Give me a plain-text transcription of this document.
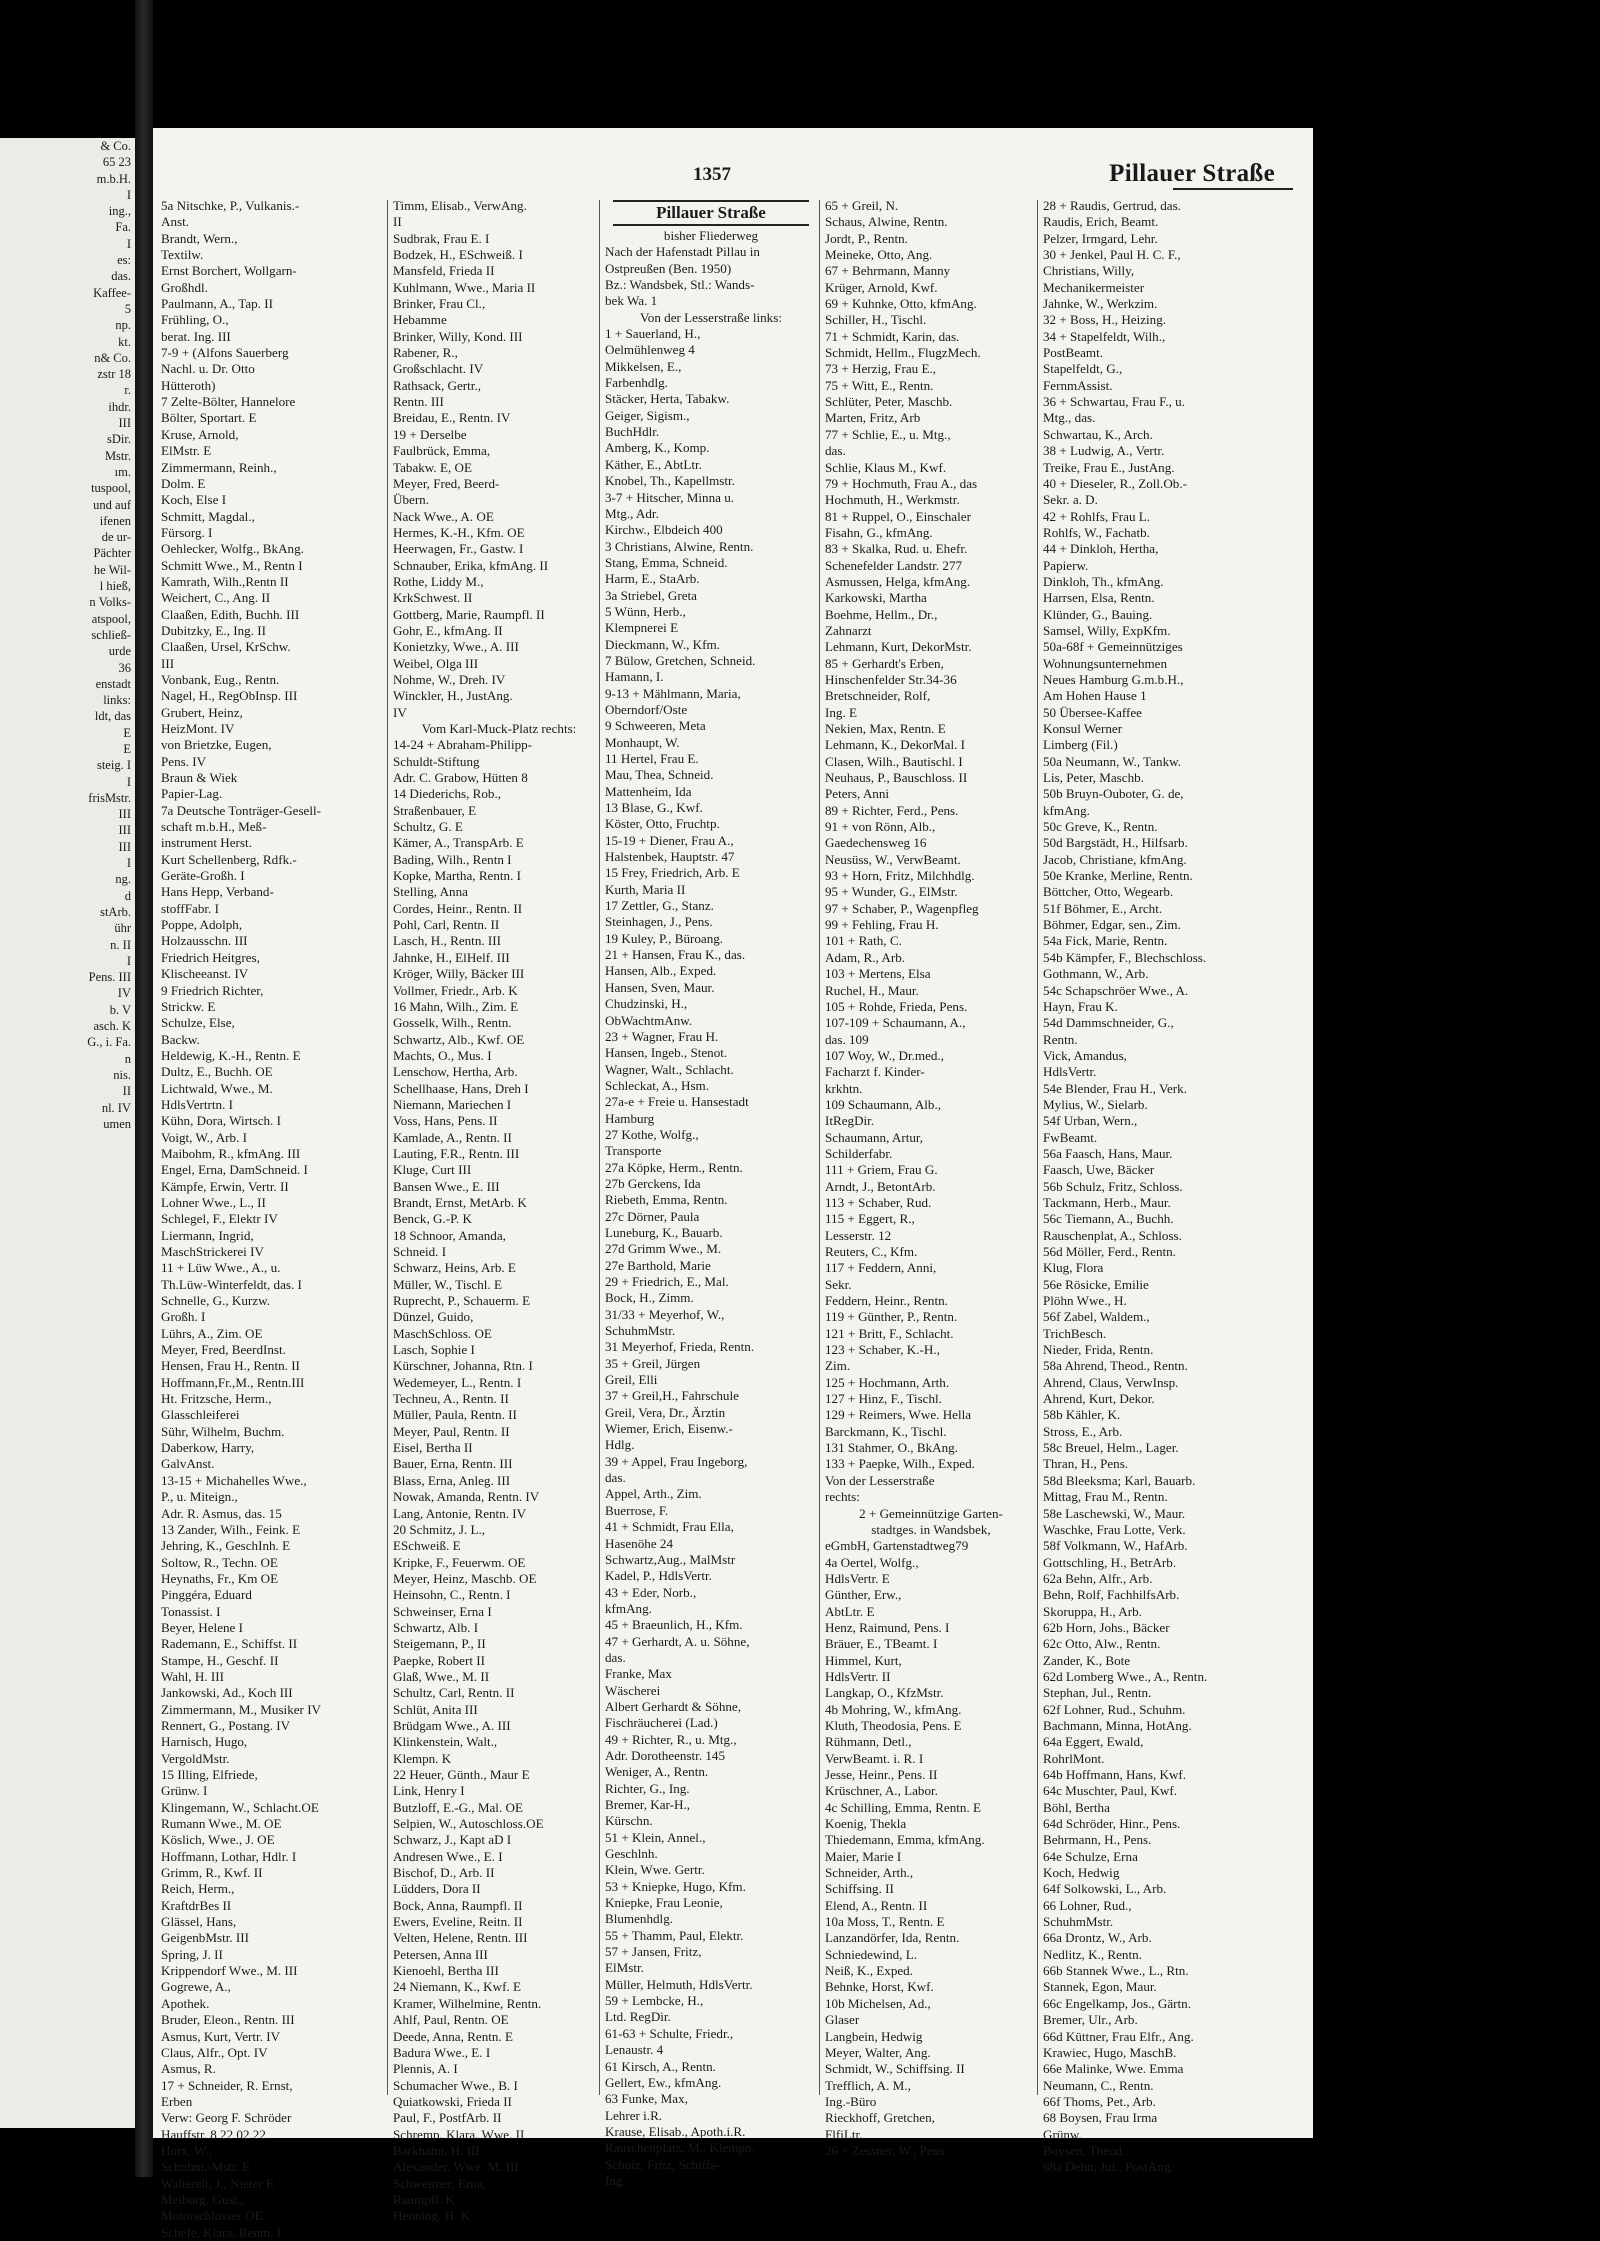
& Co.
65 23
m.b.H.
I
ing.,
Fa.
I
es:
das.
Kaffee-
5
np.
kt.
n& Co.
zstr 18
r.
ihdr.
III
sDir.
Mstr.
ım.
tuspool,
und auf
ifenen
de ur-
Pächter
he Wil-
l hieß,
n Volks-
atspool,
schließ-
urde
36
enstadt
links:
ldt, das
E
E
steig. I
I
frisMstr.
III
III
III
I
ng.
d
stArb.
ühr
n. II
I
Pens. III
IV
b. V
asch. K
G., i. Fa.
n
nis.
II
nl. IV
umen
1357	Pillauer Straße
5a Nitschke, P., Vulkanis.-
Anst.
Brandt, Wern.,
Textilw.
Ernst Borchert, Wollgarn-
Großhdl.
Paulmann, A., Tap. II
Frühling, O.,
berat. Ing. III
7-9 + (Alfons Sauerberg
Nachl. u. Dr. Otto
Hütteroth)
7 Zelte-Bölter, Hannelore
Bölter, Sportart. E
Kruse, Arnold,
ElMstr. E
Zimmermann, Reinh.,
Dolm. E
Koch, Else I
Schmitt, Magdal.,
Fürsorg. I
Oehlecker, Wolfg., BkAng.
Schmitt Wwe., M., Rentn I
Kamrath, Wilh.,Rentn II
Weichert, C., Ang. II
Claaßen, Edith, Buchh. III
Dubitzky, E., Ing. II
Claaßen, Ursel, KrSchw.
III
Vonbank, Eug., Rentn.
Nagel, H., RegObInsp. III
Grubert, Heinz,
HeizMont. IV
von Brietzke, Eugen,
Pens. IV
Braun & Wiek
Papier-Lag.
7a Deutsche Tonträger-Gesell-
schaft m.b.H., Meß-
instrument Herst.
Kurt Schellenberg, Rdfk.-
Geräte-Großh. I
Hans Hepp, Verband-
stoffFabr. I
Poppe, Adolph,
Holzausschn. III
Friedrich Heitgres,
Klischeeanst. IV
9 Friedrich Richter,
Strickw. E
Schulze, Else,
Backw.
Heldewig, K.-H., Rentn. E
Dultz, E., Buchh. OE
Lichtwald, Wwe., M.
HdlsVertrtn. I
Kühn, Dora, Wirtsch. I
Voigt, W., Arb. I
Maibohm, R., kfmAng. III
Engel, Erna, DamSchneid. I
Kämpfe, Erwin, Vertr. II
Lohner Wwe., L., II
Schlegel, F., Elektr IV
Liermann, Ingrid,
MaschStrickerei IV
11 + Lüw Wwe., A., u.
Th.Lüw-Winterfeldt, das. I
Schnelle, G., Kurzw.
Großh. I
Lührs, A., Zim. OE
Meyer, Fred, BeerdInst.
Hensen, Frau H., Rentn. II
Hoffmann,Fr.,M., Rentn.III
Ht. Fritzsche, Herm.,
Glasschleiferei
Sühr, Wilhelm, Buchm.
Daberkow, Harry,
GalvAnst.
13-15 + Michahelles Wwe.,
P., u. Miteign.,
Adr. R. Asmus, das. 15
13 Zander, Wilh., Feink. E
Jehring, K., GeschInh. E
Soltow, R., Techn. OE
Heynaths, Fr., Km OE
Pinggéra, Eduard
Tonassist. I
Beyer, Helene I
Rademann, E., Schiffst. II
Stampe, H., Geschf. II
Wahl, H. III
Jankowski, Ad., Koch III
Zimmermann, M., Musiker IV
Rennert, G., Postang. IV
Harnisch, Hugo,
VergoldMstr.
15 Illing, Elfriede,
Grünw. I
Klingemann, W., Schlacht.OE
Rumann Wwe., M. OE
Köslich, Wwe., J. OE
Hoffmann, Lothar, Hdlr. I
Grimm, R., Kwf. II
Reich, Herm.,
KraftdrBes II
Glässel, Hans,
GeigenbMstr. III
Spring, J. II
Krippendorf Wwe., M. III
Gogrewe, A.,
Apothek.
Bruder, Eleon., Rentn. III
Asmus, Kurt, Vertr. IV
Claus, Alfr., Opt. IV
Asmus, R.
17 + Schneider, R. Ernst,
Erben
Verw: Georg F. Schröder
Hauffstr. 8 22 02 22
Horx, W.,
Schuhm.-Mstr. E
Walterelt, J., Nieter E
Meiburg, Gust.,
Motorschlosser OE
Schefe, Klara, Rentn. I
Timm, Elisab., VerwAng.
II
Sudbrak, Frau E. I
Bodzek, H., ESchweiß. I
Mansfeld, Frieda II
Kuhlmann, Wwe., Maria II
Brinker, Frau Cl.,
Hebamme
Brinker, Willy, Kond. III
Rabener, R.,
Großschlacht. IV
Rathsack, Gertr.,
Rentn. III
Breidau, E., Rentn. IV
19 + Derselbe
Faulbrück, Emma,
Tabakw. E, OE
Meyer, Fred, Beerd-
Übern.
Nack Wwe., A. OE
Hermes, K.-H., Kfm. OE
Heerwagen, Fr., Gastw. I
Schnauber, Erika, kfmAng. II
Rothe, Liddy M.,
KrkSchwest. II
Gottberg, Marie, Raumpfl. II
Gohr, E., kfmAng. II
Konietzky, Wwe., A. III
Weibel, Olga III
Nohme, W., Dreh. IV
Winckler, H., JustAng.
IV
Vom Karl-Muck-Platz rechts:
14-24 + Abraham-Philipp-
Schuldt-Stiftung
Adr. C. Grabow, Hütten 8
14 Diederichs, Rob.,
Straßenbauer, E
Schultz, G. E
Kämer, A., TranspArb. E
Bading, Wilh., Rentn I
Kopke, Martha, Rentn. I
Stelling, Anna
Cordes, Heinr., Rentn. II
Pohl, Carl, Rentn. II
Lasch, H., Rentn. III
Jahnke, H., ElHelf. III
Kröger, Willy, Bäcker III
Vollmer, Friedr., Arb. K
16 Mahn, Wilh., Zim. E
Gosselk, Wilh., Rentn.
Schwartz, Alb., Kwf. OE
Machts, O., Mus. I
Lenschow, Hertha, Arb.
Schellhaase, Hans, Dreh I
Niemann, Mariechen I
Voss, Hans, Pens. II
Kamlade, A., Rentn. II
Lauting, F.R., Rentn. III
Kluge, Curt III
Bansen Wwe., E. III
Brandt, Ernst, MetArb. K
Benck, G.-P. K
18 Schnoor, Amanda,
Schneid. I
Schwarz, Heins, Arb. E
Müller, W., Tischl. E
Ruprecht, P., Schauerm. E
Dünzel, Guido,
MaschSchloss. OE
Lasch, Sophie I
Kürschner, Johanna, Rtn. I
Wedemeyer, L., Rentn. I
Techneu, A., Rentn. II
Müller, Paula, Rentn. II
Meyer, Paul, Rentn. II
Eisel, Bertha II
Bauer, Erna, Rentn. III
Blass, Erna, Anleg. III
Nowak, Amanda, Rentn. IV
Lang, Antonie, Rentn. IV
20 Schmitz, J. L.,
ESchweiß. E
Kripke, F., Feuerwm. OE
Meyer, Heinz, Maschb. OE
Heinsohn, C., Rentn. I
Schweinser, Erna I
Schwartz, Alb. I
Steigemann, P., II
Paepke, Robert II
Glaß, Wwe., M. II
Schultz, Carl, Rentn. II
Schlüt, Anita III
Brüdgam Wwe., A. III
Klinkenstein, Walt.,
Klempn. K
22 Heuer, Günth., Maur E
Link, Henry I
Butzloff, E.-G., Mal. OE
Selpien, W., Autoschloss.OE
Schwarz, J., Kapt aD I
Andresen Wwe., E. I
Bischof, D., Arb. II
Lüdders, Dora II
Bock, Anna, Raumpfl. II
Ewers, Eveline, Reitn. II
Velten, Helene, Rentn. III
Petersen, Anna III
Kienoehl, Bertha III
24 Niemann, K., Kwf. E
Kramer, Wilhelmine, Rentn.
Ahlf, Paul, Rentn. OE
Deede, Anna, Rentn. E
Badura Wwe., E. I
Plennis, A. I
Schumacher Wwe., B. I
Quiatkowski, Frieda II
Paul, F., PostfArb. II
Schremp, Klara, Wwe. II
Barkhahn, H. III
Alexander, Wwe. M. III
Schweimer, Erna,
Raumpfl. K
Henning, H. K
Pillauer Straße
bisher Fliederweg
Nach der Hafenstadt Pillau in
Ostpreußen (Ben. 1950)
Bz.: Wandsbek, Stl.: Wands-
bek Wa. 1
Von der Lesserstraße links:
1 + Sauerland, H.,
Oelmühlenweg 4
Mikkelsen, E.,
Farbenhdlg.
Stäcker, Herta, Tabakw.
Geiger, Sigism.,
BuchHdlr.
Amberg, K., Komp.
Käther, E., AbtLtr.
Knobel, Th., Kapellmstr.
3-7 + Hitscher, Minna u.
Mtg., Adr.
Kirchw., Elbdeich 400
3 Christians, Alwine, Rentn.
Stang, Emma, Schneid.
Harm, E., StaArb.
3a Striebel, Greta
5 Wünn, Herb.,
Klempnerei E
Dieckmann, W., Kfm.
7 Bülow, Gretchen, Schneid.
Hamann, I.
9-13 + Mählmann, Maria,
Oberndorf/Oste
9 Schweeren, Meta
Monhaupt, W.
11 Hertel, Frau E.
Mau, Thea, Schneid.
Mattenheim, Ida
13 Blase, G., Kwf.
Köster, Otto, Fruchtp.
15-19 + Diener, Frau A.,
Halstenbek, Hauptstr. 47
15 Frey, Friedrich, Arb. E
Kurth, Maria II
17 Zettler, G., Stanz.
Steinhagen, J., Pens.
19 Kuley, P., Büroang.
21 + Hansen, Frau K., das.
Hansen, Alb., Exped.
Hansen, Sven, Maur.
Chudzinski, H.,
ObWachtmAnw.
23 + Wagner, Frau H.
Hansen, Ingeb., Stenot.
Wagner, Walt., Schlacht.
Schleckat, A., Hsm.
27a-e + Freie u. Hansestadt
Hamburg
27 Kothe, Wolfg.,
Transporte
27a Köpke, Herm., Rentn.
27b Gerckens, Ida
Riebeth, Emma, Rentn.
27c Dörner, Paula
Luneburg, K., Bauarb.
27d Grimm Wwe., M.
27e Barthold, Marie
29 + Friedrich, E., Mal.
Bock, H., Zimm.
31/33 + Meyerhof, W.,
SchuhmMstr.
31 Meyerhof, Frieda, Rentn.
35 + Greil, Jürgen
Greil, Elli
37 + Greil,H., Fahrschule
Greil, Vera, Dr., Ärztin
Wiemer, Erich, Eisenw.-
Hdlg.
39 + Appel, Frau Ingeborg,
das.
Appel, Arth., Zim.
Buerrose, F.
41 + Schmidt, Frau Ella,
Hasenöhe 24
Schwartz,Aug., MalMstr
Kadel, P., HdlsVertr.
43 + Eder, Norb.,
kfmAng.
45 + Braeunlich, H., Kfm.
47 + Gerhardt, A. u. Söhne,
das.
Franke, Max
Wäscherei
Albert Gerhardt & Söhne,
Fischräucherei (Lad.)
49 + Richter, R., u. Mtg.,
Adr. Dorotheenstr. 145
Weniger, A., Rentn.
Richter, G., Ing.
Bremer, Kar-H.,
Kürschn.
51 + Klein, Annel.,
Geschlnh.
Klein, Wwe. Gertr.
53 + Kniepke, Hugo, Kfm.
Kniepke, Frau Leonie,
Blumenhdlg.
55 + Thamm, Paul, Elektr.
57 + Jansen, Fritz,
ElMstr.
Müller, Helmuth, HdlsVertr.
59 + Lembcke, H.,
Ltd. RegDir.
61-63 + Schulte, Friedr.,
Lenaustr. 4
61 Kirsch, A., Rentn.
Gellert, Ew., kfmAng.
63 Funke, Max,
Lehrer i.R.
Krause, Elisab., Apoth.i.R.
Rauschenplatz, M., Klempn.
Schulz, Fritz, Schiffs-
Ing.
65 + Greil, N.
Schaus, Alwine, Rentn.
Jordt, P., Rentn.
Meineke, Otto, Ang.
67 + Behrmann, Manny
Krüger, Arnold, Kwf.
69 + Kuhnke, Otto, kfmAng.
Schiller, H., Tischl.
71 + Schmidt, Karin, das.
Schmidt, Hellm., FlugzMech.
73 + Herzig, Frau E.,
75 + Witt, E., Rentn.
Schlüter, Peter, Maschb.
Marten, Fritz, Arb
77 + Schlie, E., u. Mtg.,
das.
Schlie, Klaus M., Kwf.
79 + Hochmuth, Frau A., das
Hochmuth, H., Werkmstr.
81 + Ruppel, O., Einschaler
Fisahn, G., kfmAng.
83 + Skalka, Rud. u. Ehefr.
Schenefelder Landstr. 277
Asmussen, Helga, kfmAng.
Karkowski, Martha
Boehme, Hellm., Dr.,
Zahnarzt
Lehmann, Kurt, DekorMstr.
85 + Gerhardt's Erben,
Hinschenfelder Str.34-36
Bretschneider, Rolf,
Ing. E
Nekien, Max, Rentn. E
Lehmann, K., DekorMal. I
Clasen, Wilh., Bautischl. I
Neuhaus, P., Bauschloss. II
Peters, Anni
89 + Richter, Ferd., Pens.
91 + von Rönn, Alb.,
Gaedechensweg 16
Neusüss, W., VerwBeamt.
93 + Horn, Fritz, Milchhdlg.
95 + Wunder, G., ElMstr.
97 + Schaber, P., Wagenpfleg
99 + Fehling, Frau H.
101 + Rath, C.
Adam, R., Arb.
103 + Mertens, Elsa
Ruchel, H., Maur.
105 + Rohde, Frieda, Pens.
107-109 + Schaumann, A.,
das. 109
107 Woy, W., Dr.med.,
Facharzt f. Kinder-
krkhtn.
109 Schaumann, Alb.,
ItRegDir.
Schaumann, Artur,
Schilderfabr.
111 + Griem, Frau G.
Arndt, J., BetontArb.
113 + Schaber, Rud.
115 + Eggert, R.,
Lesserstr. 12
Reuters, C., Kfm.
117 + Feddern, Anni,
Sekr.
Feddern, Heinr., Rentn.
119 + Günther, P., Rentn.
121 + Britt, F., Schlacht.
123 + Schaber, K.-H.,
Zim.
125 + Hochmann, Arth.
127 + Hinz, F., Tischl.
129 + Reimers, Wwe. Hella
Barckmann, K., Tischl.
131 Stahmer, O., BkAng.
133 + Paepke, Wilh., Exped.
Von der Lesserstraße
rechts:
2 + Gemeinnützige Garten-
stadtges. in Wandsbek,
eGmbH, Gartenstadtweg79
4a Oertel, Wolfg.,
HdlsVertr. E
Günther, Erw.,
AbtLtr. E
Henz, Raimund, Pens. I
Bräuer, E., TBeamt. I
Himmel, Kurt,
HdlsVertr. II
Langkap, O., KfzMstr.
4b Mohring, W., kfmAng.
Kluth, Theodosia, Pens. E
Rühmann, Detl.,
VerwBeamt. i. R. I
Jesse, Heinr., Pens. II
Krüschner, A., Labor.
4c Schilling, Emma, Rentn. E
Koenig, Thekla
Thiedemann, Emma, kfmAng.
Maier, Marie I
Schneider, Arth.,
Schiffsing. II
Elend, A., Rentn. II
10a Moss, T., Rentn. E
Lanzandörfer, Ida, Rentn.
Schniedewind, L.
Neiß, K., Exped.
Behnke, Horst, Kwf.
10b Michelsen, Ad.,
Glaser
Langbein, Hedwig
Meyer, Walter, Ang.
Schmidt, W., Schiffsing. II
Trefflich, A. M.,
Ing.-Büro
Rieckhoff, Gretchen,
FlfiLtr.
26 + Zessner, W., Pens.
28 + Raudis, Gertrud, das.
Raudis, Erich, Beamt.
Pelzer, Irmgard, Lehr.
30 + Jenkel, Paul H. C. F.,
Christians, Willy,
Mechanikermeister
Jahnke, W., Werkzim.
32 + Boss, H., Heizing.
34 + Stapelfeldt, Wilh.,
PostBeamt.
Stapelfeldt, G.,
FernmAssist.
36 + Schwartau, Frau F., u.
Mtg., das.
Schwartau, K., Arch.
38 + Ludwig, A., Vertr.
Treike, Frau E., JustAng.
40 + Dieseler, R., Zoll.Ob.-
Sekr. a. D.
42 + Rohlfs, Frau L.
Rohlfs, W., Fachatb.
44 + Dinkloh, Hertha,
Papierw.
Dinkloh, Th., kfmAng.
Harrsen, Elsa, Rentn.
Klünder, G., Bauing.
Samsel, Willy, ExpKfm.
50a-68f + Gemeinnütziges
Wohnungsunternehmen
Neues Hamburg G.m.b.H.,
Am Hohen Hause 1
50 Übersee-Kaffee
Konsul Werner
Limberg (Fil.)
50a Neumann, W., Tankw.
Lis, Peter, Maschb.
50b Bruyn-Ouboter, G. de,
kfmAng.
50c Greve, K., Rentn.
50d Bargstädt, H., Hilfsarb.
Jacob, Christiane, kfmAng.
50e Kranke, Merline, Rentn.
Böttcher, Otto, Wegearb.
51f Böhmer, E., Archt.
Böhmer, Edgar, sen., Zim.
54a Fick, Marie, Rentn.
54b Kämpfer, F., Blechschloss.
Gothmann, W., Arb.
54c Schapschröer Wwe., A.
Hayn, Frau K.
54d Dammschneider, G.,
Rentn.
Vick, Amandus,
HdlsVertr.
54e Blender, Frau H., Verk.
Mylius, W., Sielarb.
54f Urban, Wern.,
FwBeamt.
56a Faasch, Hans, Maur.
Faasch, Uwe, Bäcker
56b Schulz, Fritz, Schloss.
Tackmann, Herb., Maur.
56c Tiemann, A., Buchh.
Rauschenplat, A., Schloss.
56d Möller, Ferd., Rentn.
Klug, Flora
56e Rösicke, Emilie
Plöhn Wwe., H.
56f Zabel, Waldem.,
TrichBesch.
Nieder, Frida, Rentn.
58a Ahrend, Theod., Rentn.
Ahrend, Claus, VerwInsp.
Ahrend, Kurt, Dekor.
58b Kähler, K.
Stross, E., Arb.
58c Breuel, Helm., Lager.
Thran, H., Pens.
58d Bleeksma; Karl, Bauarb.
Mittag, Frau M., Rentn.
58e Laschewski, W., Maur.
Waschke, Frau Lotte, Verk.
58f Volkmann, W., HafArb.
Gottschling, H., BetrArb.
62a Behn, Alfr., Arb.
Behn, Rolf, FachhilfsArb.
Skoruppa, H., Arb.
62b Horn, Johs., Bäcker
62c Otto, Alw., Rentn.
Zander, K., Bote
62d Lomberg Wwe., A., Rentn.
Stephan, Jul., Rentn.
62f Lohner, Rud., Schuhm.
Bachmann, Minna, HotAng.
64a Eggert, Ewald,
RohrlMont.
64b Hoffmann, Hans, Kwf.
64c Muschter, Paul, Kwf.
Böhl, Bertha
64d Schröder, Hinr., Pens.
Behrmann, H., Pens.
64e Schulze, Erna
Koch, Hedwig
64f Solkowski, L., Arb.
66 Lohner, Rud.,
SchuhmMstr.
66a Drontz, W., Arb.
Nedlitz, K., Rentn.
66b Stannek Wwe., L., Rtn.
Stannek, Egon, Maur.
66c Engelkamp, Jos., Gärtn.
Bremer, Ulr., Arb.
66d Küttner, Frau Elfr., Ang.
Krawiec, Hugo, MaschB.
66e Malinke, Wwe. Emma
Neumann, C., Rentn.
66f Thoms, Pet., Arb.
68 Boysen, Frau Irma
Grünw.
Boysen, Theod.
68a Dehn, Jul., PostAng.
